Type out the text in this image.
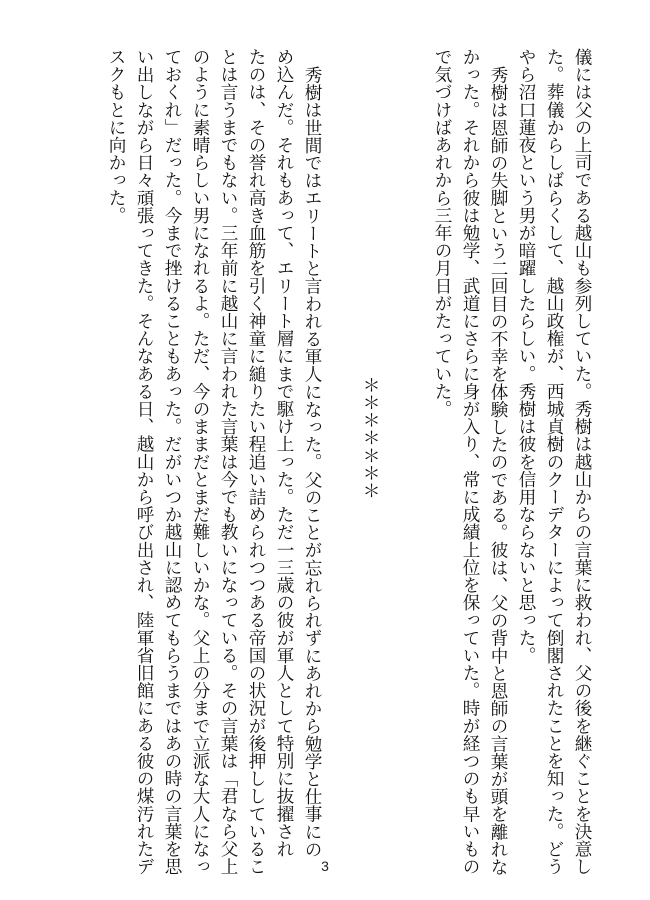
儀には父の上司である越山も参列していた。秀樹は越山からの言葉に救われ、父の後を継ぐことを決意し
た。葬儀からしばらくして、越山政権が、西城貞樹のクーデターによって倒閣されたことを知った。どう
やら沼口蓮夜という男が暗躍したらしい。秀樹は彼を信用ならないと思った。
秀樹は恩師の失脚という二回目の不幸を体験したのである。彼は、父の背中と恩師の言葉が頭を離れな
かった。それから彼は勉学、武道にさらに身が入り、常に成績上位を保っていた。時が経つのも早いもの
で気づけばあれから三年の月日がたっていた。
＊＊＊＊＊＊＊
秀樹は世間ではエリートと言われる軍人になった。父のことが忘れられずにあれから勉学と仕事にの
め込んだ。それもあって、エリート層にまで駆け上った。ただ一三歳の彼が軍人として特別に抜擢され
たのは、その誉れ高き血筋を引く神童に縋りたい程追い詰められつつある帝国の状況が後押ししているこ
とは言うまでもない。三年前に越山に言われた言葉は今でも教いになっている。その言葉は「君なら父上
のように素晴らしい男になれるよ。ただ、今のままだとまだ難しいかな。父上の分まで立派な大人になっ
ておくれ」だった。今まで挫けることもあった。だがいつか越山に認めてもらうまではあの時の言葉を思
い出しながら日々頑張ってきた。そんなある日、越山から呼び出され、陸軍省旧館にある彼の煤汚れたデ
スクもとに向かった。
3
